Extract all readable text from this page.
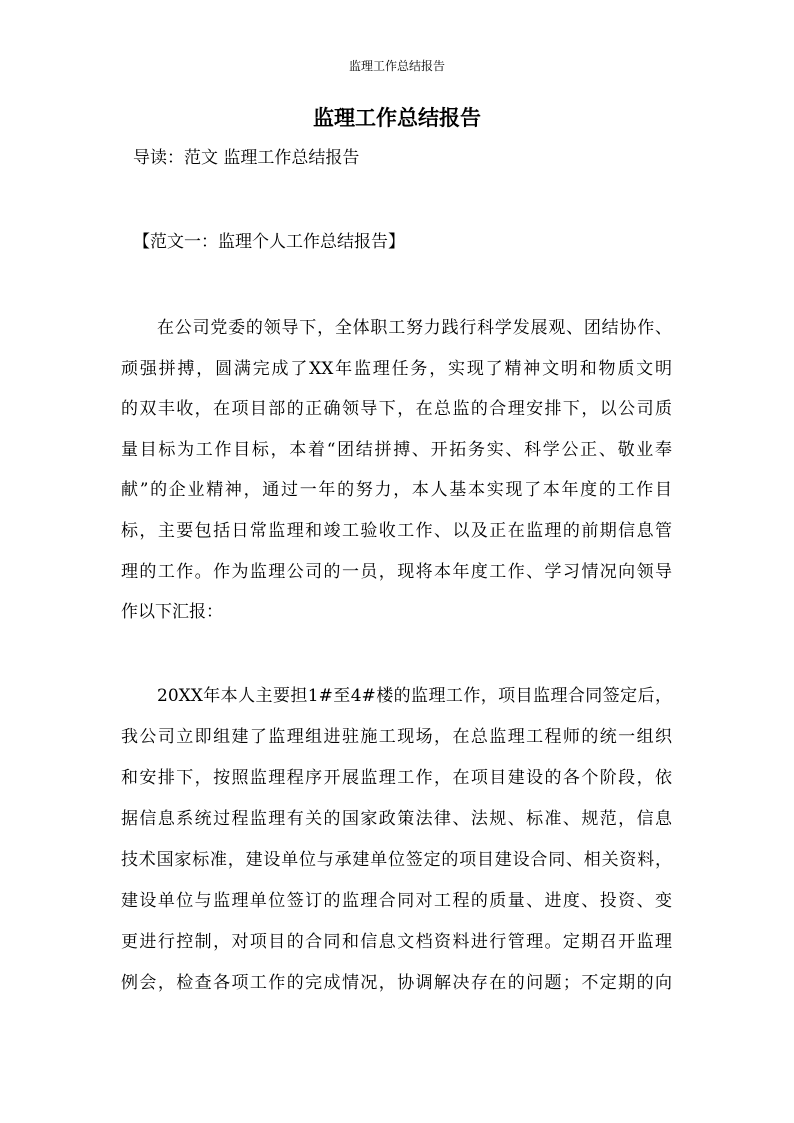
监理工作总结报告
监理工作总结报告
导读：范文 监理工作总结报告
【范文一：监理个人工作总结报告】
在公司党委的领导下，全体职工努力践行科学发展观、团结协作、
顽强拼搏，圆满完成了XX年监理任务，实现了精神文明和物质文明
的双丰收，在项目部的正确领导下，在总监的合理安排下，以公司质
量目标为工作目标，本着“团结拼搏、开拓务实、科学公正、敬业奉
献”的企业精神，通过一年的努力，本人基本实现了本年度的工作目
标，主要包括日常监理和竣工验收工作、以及正在监理的前期信息管
理的工作。作为监理公司的一员，现将本年度工作、学习情况向领导
作以下汇报：
20XX年本人主要担1#至4#楼的监理工作，项目监理合同签定后，
我公司立即组建了监理组进驻施工现场，在总监理工程师的统一组织
和安排下，按照监理程序开展监理工作，在项目建设的各个阶段，依
据信息系统过程监理有关的国家政策法律、法规、标准、规范，信息
技术国家标准，建设单位与承建单位签定的项目建设合同、相关资料，
建设单位与监理单位签订的监理合同对工程的质量、进度、投资、变
更进行控制，对项目的合同和信息文档资料进行管理。定期召开监理
例会，检查各项工作的完成情况，协调解决存在的问题；不定期的向
